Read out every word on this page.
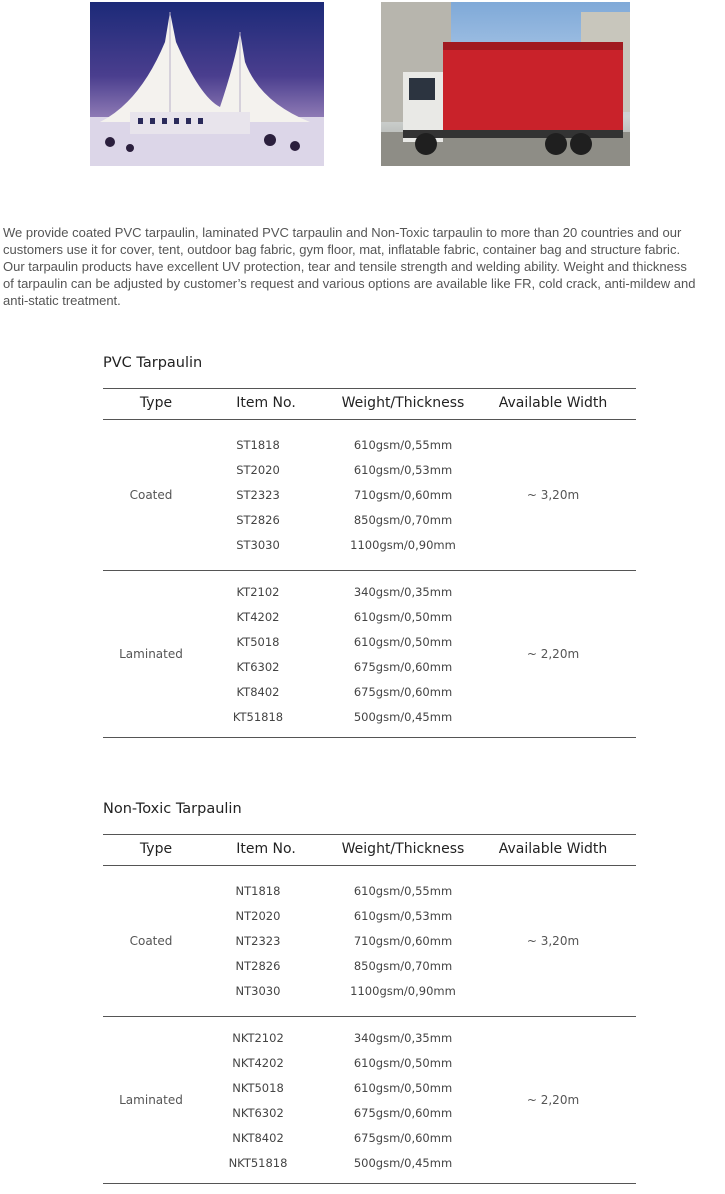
We provide coated PVC tarpaulin, laminated PVC tarpaulin and Non-Toxic tarpaulin to more than 20 countries and our customers use it for cover, tent, outdoor bag fabric, gym floor, mat, inflatable fabric, container bag and structure fabric.

Our tarpaulin products have excellent UV protection, tear and tensile strength and welding ability. Weight and thickness of tarpaulin can be adjusted by customer’s request and various options are available like FR, cold crack, anti-mildew and anti-static treatment.

PVC Tarpaulin
Type	Item No.	Weight/Thickness	Available Width
Coated
ST1818	610gsm/0,55mm
ST2020	610gsm/0,53mm
ST2323	710gsm/0,60mm
ST2826	850gsm/0,70mm
ST3030	1100gsm/0,90mm
~ 3,20m
Laminated
KT2102	340gsm/0,35mm
KT4202	610gsm/0,50mm
KT5018	610gsm/0,50mm
KT6302	675gsm/0,60mm
KT8402	675gsm/0,60mm
KT51818	500gsm/0,45mm
~ 2,20m
Non-Toxic Tarpaulin
Type	Item No.	Weight/Thickness	Available Width
Coated
NT1818	610gsm/0,55mm
NT2020	610gsm/0,53mm
NT2323	710gsm/0,60mm
NT2826	850gsm/0,70mm
NT3030	1100gsm/0,90mm
~ 3,20m
Laminated
NKT2102	340gsm/0,35mm
NKT4202	610gsm/0,50mm
NKT5018	610gsm/0,50mm
NKT6302	675gsm/0,60mm
NKT8402	675gsm/0,60mm
NKT51818	500gsm/0,45mm
~ 2,20m
